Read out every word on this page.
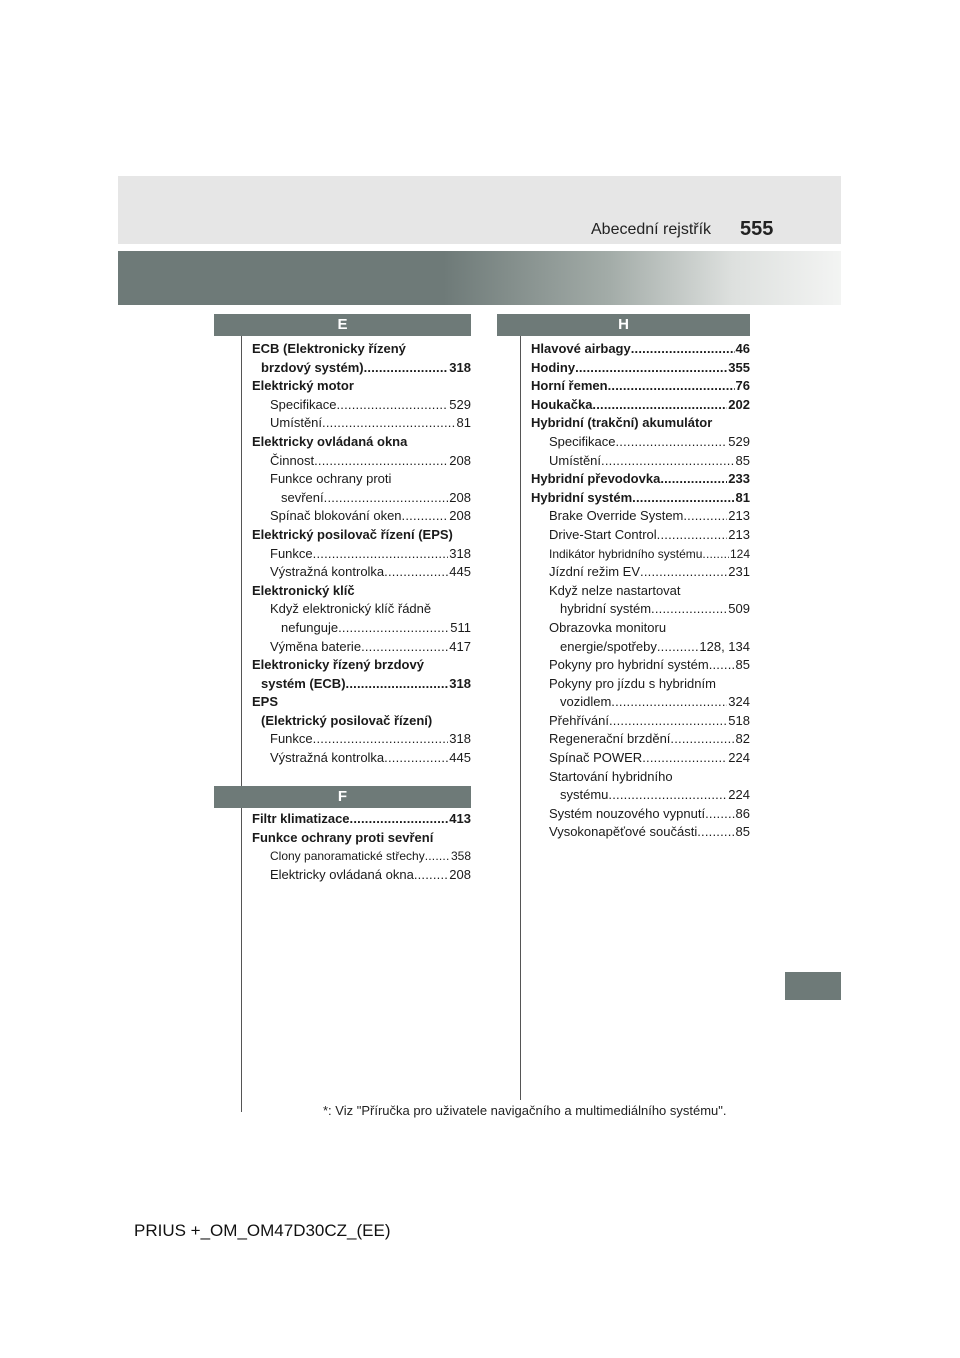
Abecední rejstřík 555
E
ECB (Elektronicky řízený
brzdový systém) .....	318
Elektrický motor
Specifikace .....	529
Umístění .....	81
Elektricky ovládaná okna
Činnost .....	208
Funkce ochrany proti
sevření .....	208
Spínač blokování oken .....	208
Elektrický posilovač řízení (EPS)
Funkce .....	318
Výstražná kontrolka .....	445
Elektronický klíč
Když elektronický klíč řádně
nefunguje .....	511
Výměna baterie .....	417
Elektronicky řízený brzdový
systém (ECB) .....	318
EPS
(Elektrický posilovač řízení)
Funkce .....	318
Výstražná kontrolka .....	445
F
Filtr klimatizace .....	413
Funkce ochrany proti sevření
Clony panoramatické střechy ..... 358
Elektricky ovládaná okna .....	208
H
Hlavové airbagy .....	46
Hodiny .....	355
Horní řemen .....	76
Houkačka .....	202
Hybridní (trakční) akumulátor
Specifikace .....	529
Umístění .....	85
Hybridní převodovka .....	233
Hybridní systém .....	81
Brake Override System .....	213
Drive-Start Control .....	213
Indikátor hybridního systému ..... 124
Jízdní režim EV .....	231
Když nelze nastartovat
hybridní systém .....	509
Obrazovka monitoru
energie/spotřeby .....	128, 134
Pokyny pro hybridní systém ..... 85
Pokyny pro jízdu s hybridním
vozidlem .....	324
Přehřívání .....	518
Regenerační brzdění .....	82
Spínač POWER .....	224
Startování hybridního
systému .....	224
Systém nouzového vypnutí ..... 86
Vysokonapěťové součásti .....	85
*: Viz "Příručka pro uživatele navigačního a multimediálního systému".
PRIUS +_OM_OM47D30CZ_(EE)
